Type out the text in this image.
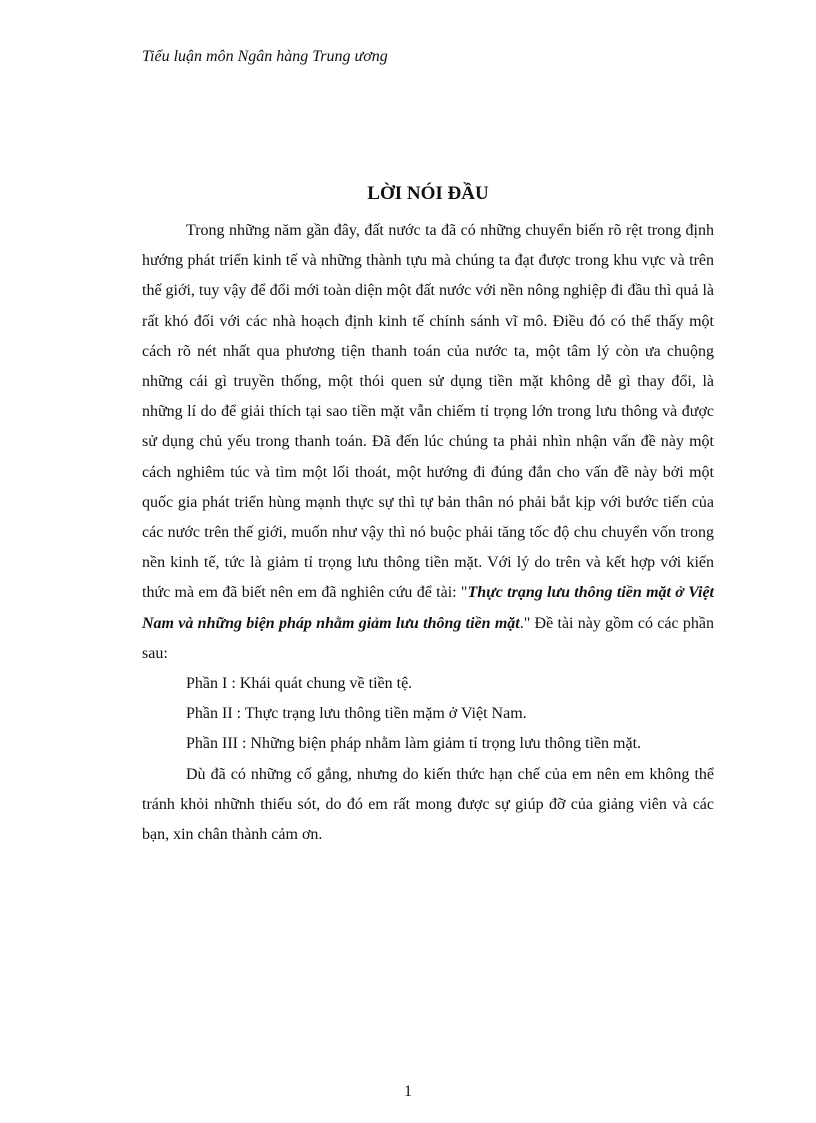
Tiểu luận môn Ngân hàng Trung ương
LỜI NÓI ĐẦU

Trong những năm gần đây, đất nước ta đã có những chuyển biến rõ rệt trong định hướng phát triển kinh tế và những thành tựu mà chúng ta đạt được trong khu vực và trên thế giới, tuy vậy để đổi mới toàn diện một đất nước với nền nông nghiệp đi đầu thì quả là rất khó đối với các nhà hoạch định kinh tế chính sánh vĩ mô. Điều đó có thể thấy một cách rõ nét nhất qua phương tiện thanh toán của nước ta, một tâm lý còn ưa chuộng những cái gì truyền thống, một thói quen sử dụng tiền mặt không dễ gì thay đổi, là những lí do để giải thích tại sao tiền mặt vẫn chiếm tỉ trọng lớn trong lưu thông và được sử dụng chủ yếu trong thanh toán. Đã đến lúc chúng ta phải nhìn nhận vấn đề này một cách nghiêm túc và tìm một lối thoát, một hướng đi đúng đắn cho vấn đề này bởi một quốc gia phát triển hùng mạnh thực sự thì tự bản thân nó phải bắt kịp với bước tiến của các nước trên thế giới, muốn như vậy thì nó buộc phải tăng tốc độ chu chuyển vốn trong nền kinh tế, tức là giảm tỉ trọng lưu thông tiền mặt. Với lý do trên và kết hợp với kiến thức mà em đã biết nên em đã nghiên cứu để tài: "Thực trạng lưu thông tiền mặt ở Việt Nam và những biện pháp nhằm giảm lưu thông tiền mặt." Đề tài này gồm có các phần sau:

Phần I : Khái quát chung về tiền tệ.

Phần II : Thực trạng lưu thông tiền mặm ở Việt Nam.

Phần III : Những biện pháp nhằm làm giảm tỉ trọng lưu thông tiền mặt.

Dù đã có những cố gắng, nhưng do kiến thức hạn chế của em nên em không thể tránh khỏi nhữnh thiếu sót, do đó em rất mong được sự giúp đỡ của giảng viên và các bạn, xin chân thành cảm ơn.

1
